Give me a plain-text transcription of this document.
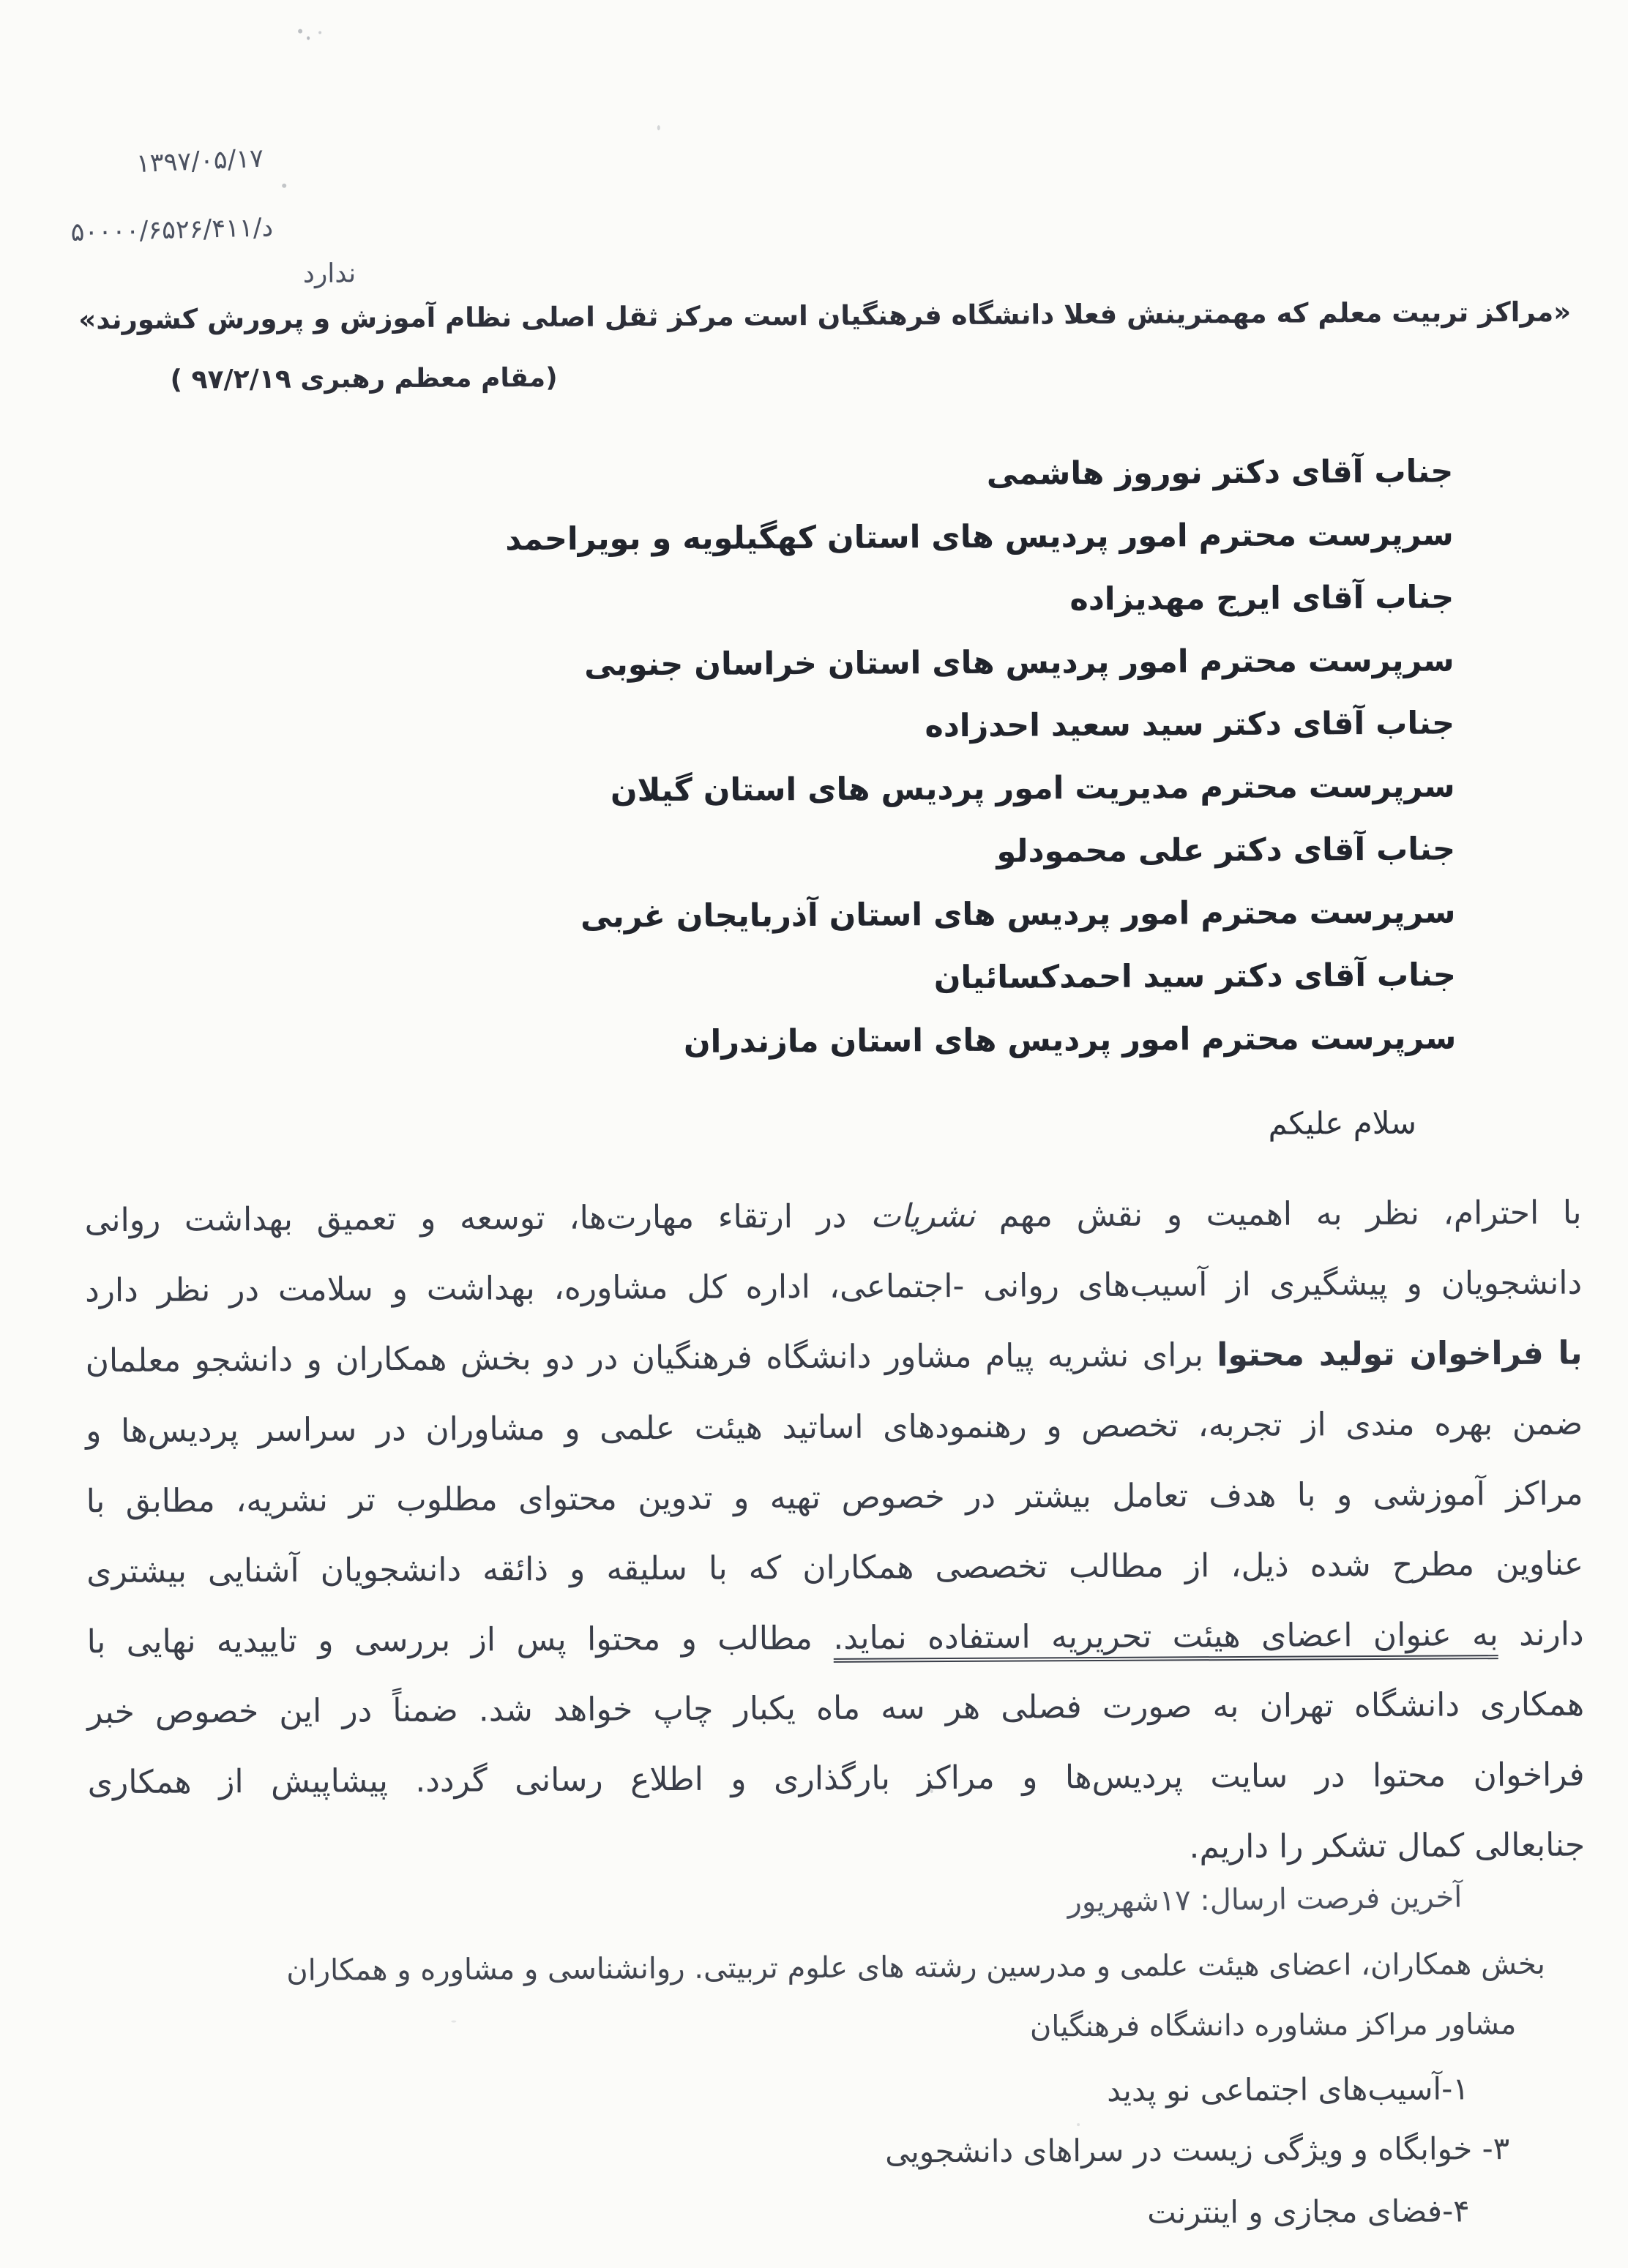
۱۳۹۷/۰۵/۱۷
د/۵۰۰۰۰/۶۵۲۶/۴۱۱
ندارد
«مراکز تربیت معلم که مهمترینش فعلا دانشگاه فرهنگیان است مرکز ثقل اصلی نظام آموزش و پرورش کشورند»
(مقام معظم رهبری ۹۷/۲/۱۹ )
جناب آقای دکتر نوروز هاشمی
سرپرست محترم امور پردیس های استان کهگیلویه و بویراحمد
جناب آقای ایرج مهدیزاده
سرپرست محترم امور پردیس های استان خراسان جنوبی
جناب آقای دکتر سید سعید احدزاده
سرپرست محترم مدیریت امور پردیس های استان گیلان
جناب آقای دکتر علی محمودلو
سرپرست محترم امور پردیس های استان آذربایجان غربی
جناب آقای دکتر سید احمدکسائیان
سرپرست محترم امور پردیس های استان مازندران
سلام علیکم
با احترام، نظر به اهمیت و نقش مهم نشریات در ارتقاء مهارت‌ها، توسعه و تعمیق بهداشت روانی
دانشجویان و پیشگیری از آسیب‌های روانی -اجتماعی، اداره کل مشاوره، بهداشت و سلامت در نظر دارد
با فراخوان تولید محتوا برای نشریه پیام مشاور دانشگاه فرهنگیان در دو بخش همکاران و دانشجو معلمان
ضمن بهره مندی از تجربه، تخصص و رهنمودهای اساتید هیئت علمی و مشاوران در سراسر پردیس‌ها و
مراکز آموزشی و با هدف تعامل بیشتر در خصوص تهیه و تدوین محتوای مطلوب تر نشریه، مطابق با
عناوین مطرح شده ذیل، از مطالب تخصصی همکاران که با سلیقه و ذائقه دانشجویان آشنایی بیشتری
دارند به عنوان اعضای هیئت تحریریه استفاده نماید. مطالب و محتوا پس از بررسی و تاییدیه نهایی با
همکاری دانشگاه تهران به صورت فصلی هر سه ماه یکبار چاپ خواهد شد. ضمناً در این خصوص خبر
فراخوان محتوا در سایت پردیس‌ها و مراکز بارگذاری و اطلاع رسانی گردد. پیشاپیش از همکاری
جنابعالی کمال تشکر را داریم.
آخرین فرصت ارسال: ۱۷شهریور
بخش همکاران، اعضای هیئت علمی و مدرسین رشته های علوم تربیتی. روانشناسی و مشاوره و همکاران
مشاور مراکز مشاوره دانشگاه فرهنگیان
۱-آسیب‌های اجتماعی نو پدید
۳- خوابگاه و ویژگی زیست در سراهای دانشجویی
۴-فضای مجازی و اینترنت
